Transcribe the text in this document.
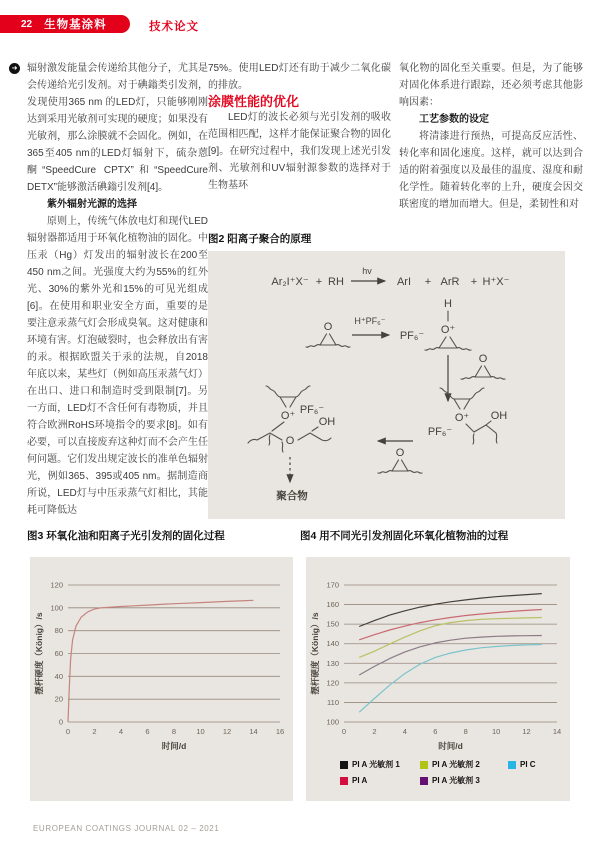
22 生物基涂料	技术论文
➜ 辐射激发能量会传递给其他分子，尤其是会传递给光引发剂。对于碘鎓类引发剂，发现使用365 nm 的LED灯，只能够刚刚达到采用光敏剂可实现的硬度；如果没有光敏剂，那么涂膜就不会固化。例如，在365至405 nm的LED灯辐射下，硫杂蒽酮“SpeedCure CPTX”和“SpeedCure DETX”能够激活碘鎓引发剂[4]。

紫外辐射光源的选择

原则上，传统气体放电灯和现代LED辐射器都适用于环氧化植物油的固化。中压汞（Hg）灯发出的辐射波长在200至450 nm之间。光强度大约为55%的红外光、30%的紫外光和15%的可见光组成[6]。在使用和职业安全方面，重要的是要注意汞蒸气灯会形成臭氧。这对健康和环境有害。灯泡破裂时，也会释放出有害的汞。根据欧盟关于汞的法规，自2018年底以来，某些灯（例如高压汞蒸气灯）在出口、进口和制造时受到限制[7]。另一方面，LED灯不含任何有毒物质，并且符合欧洲RoHS环境指令的要求[8]。如有必要，可以直接废弃这种灯而不会产生任何问题。它们发出规定波长的准单色辐射光，例如365、395或405 nm。据制造商所说，LED灯与中压汞蒸气灯相比，其能耗可降低达

75%。使用LED灯还有助于减少二氧化碳的排放。

涂膜性能的优化

LED灯的波长必须与光引发剂的吸收范围相匹配，这样才能保证聚合物的固化[9]。在研究过程中，我们发现上述光引发剂、光敏剂和UV辐射源参数的选择对于生物基环

氧化物的固化至关重要。但是，为了能够对固化体系进行跟踪，还必须考虑其他影响因素：

工艺参数的设定

将清漆进行预热，可提高反应活性、转化率和固化速度。这样，就可以达到合适的附着强度以及最佳的温度、湿度和耐化学性。随着转化率的上升，硬度会因交联密度的增加而增大。但是，柔韧性和对

图2 阳离子聚合的原理
Ar₂I⁺X⁻ + RH
hv
ArI + ArR + H⁺X⁻
H⁺PF₆⁻
PF₆⁻
H
O⁺
O⁺ PF₆⁻
O
OH	O⁺
PF₆⁻
OH
聚合物
图3 环氧化油和阳离子光引发剂的固化过程	图4 用不同光引发剂固化环氧化植物油的过程
0
20
40
60
80
100
120
0	2	4	6	8	10 12 14 16
时间/d
摆杆硬度（König）/s
100
110
120
130
140
150
160
170
0	2	4	6	8	10	12	14
时间/d
摆杆硬度（König）/s
PI A 光敏剂 1	PI A 光敏剂 2	PI C
PI A	PI A 光敏剂 3
EUROPEAN COATINGS JOURNAL 02 – 2021
